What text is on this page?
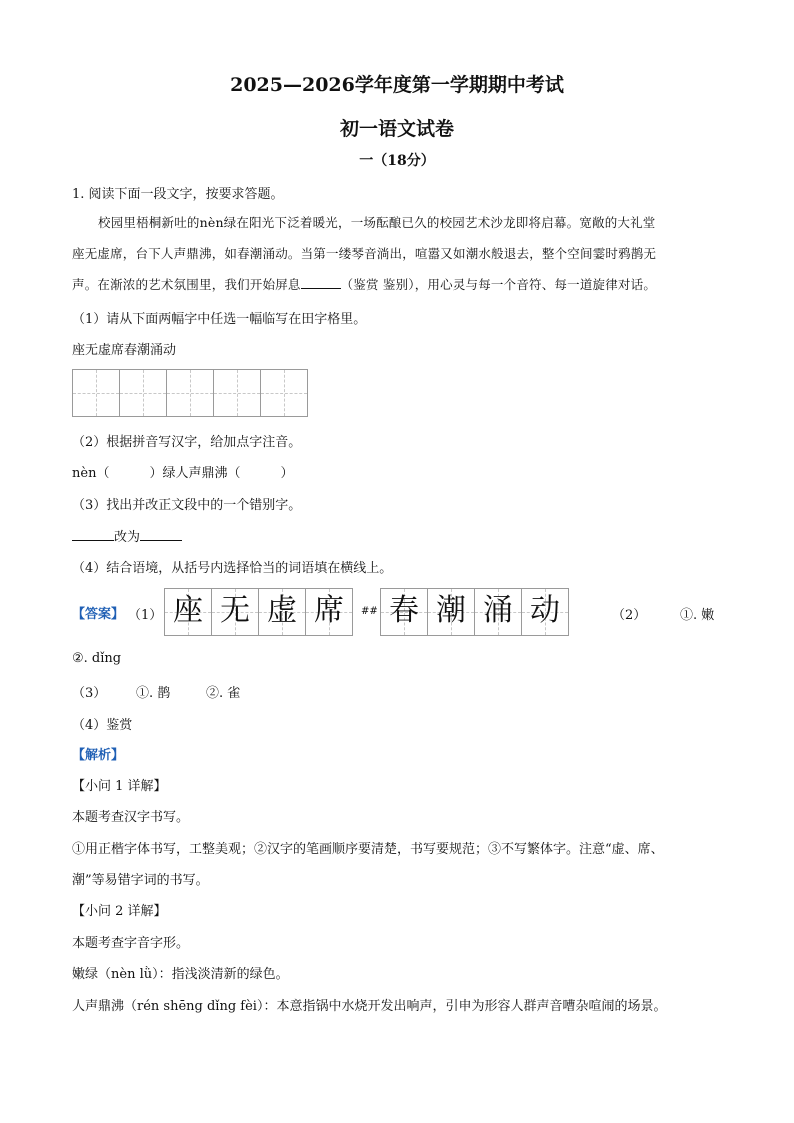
2025—2026学年度第一学期期中考试
初一语文试卷
一（18分）
1. 阅读下面一段文字，按要求答题。
校园里梧桐新吐的nèn绿在阳光下泛着暖光，一场酝酿已久的校园艺术沙龙即将启幕。宽敞的大礼堂
座无虚席，台下人声鼎沸，如春潮涌动。当第一缕琴音淌出，喧嚣又如潮水般退去，整个空间霎时鸦鹊无
声。在渐浓的艺术氛围里，我们开始屏息	（鉴赏 鉴别），用心灵与每一个音符、每一道旋律对话。
（1）请从下面两幅字中任选一幅临写在田字格里。
座无虚席春潮涌动
（2）根据拼音写汉字，给加点字注音。
nèn（	）绿人声鼎沸（	）
（3）找出并改正文段中的一个错别字。
改为
（4）结合语境，从括号内选择恰当的词语填在横线上。
【答案】 （1） 座 无 虚 席	## 春 潮 涌 动	（2）	①. 嫩
②. dǐng
（3） ①. 鹊	②. 雀
（4）鉴赏
【解析】
【小问 1 详解】
本题考查汉字书写。
①用正楷字体书写，工整美观；②汉字的笔画顺序要清楚，书写要规范；③不写繁体字。注意“虚、席、
潮”等易错字词的书写。
【小问 2 详解】
本题考查字音字形。
嫩绿（nèn lǜ）：指浅淡清新的绿色。
人声鼎沸（rén shēng dǐng fèi）：本意指锅中水烧开发出响声，引申为形容人群声音嘈杂喧闹的场景。
